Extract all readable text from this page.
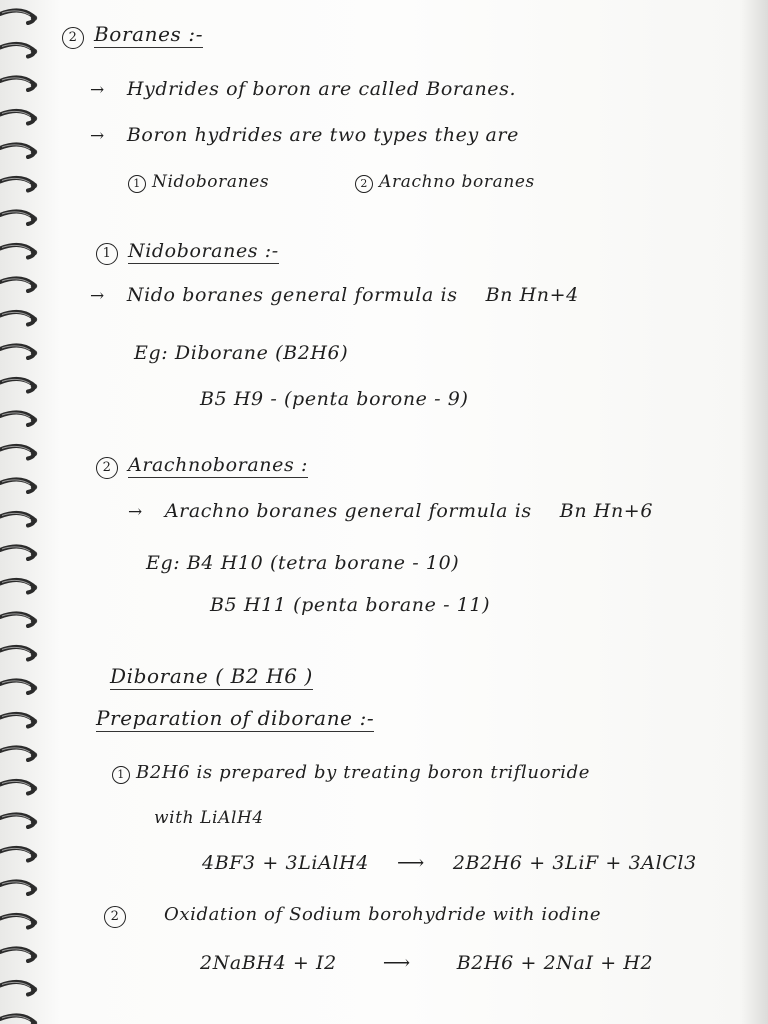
2 Boranes :-
→ Hydrides of boron are called Boranes.
→ Boron hydrides are two types they are
1 Nidoboranes	2 Arachno boranes
1 Nidoboranes :-
→ Nido boranes general formula is Bn Hn+4
Eg: Diborane (B2H6)
B5 H9 - (penta borone - 9)
2 Arachnoboranes :
→ Arachno boranes general formula is Bn Hn+6
Eg: B4 H10 (tetra borane - 10)
B5 H11 (penta borane - 11)
Diborane ( B2 H6 )
Preparation of diborane :-
1 B2H6 is prepared by treating boron trifluoride
with LiAlH4
4BF3 + 3LiAlH4 ⟶ 2B2H6 + 3LiF + 3AlCl3
2 Oxidation of Sodium borohydride with iodine
2NaBH4 + I2 ⟶ B2H6 + 2NaI + H2
